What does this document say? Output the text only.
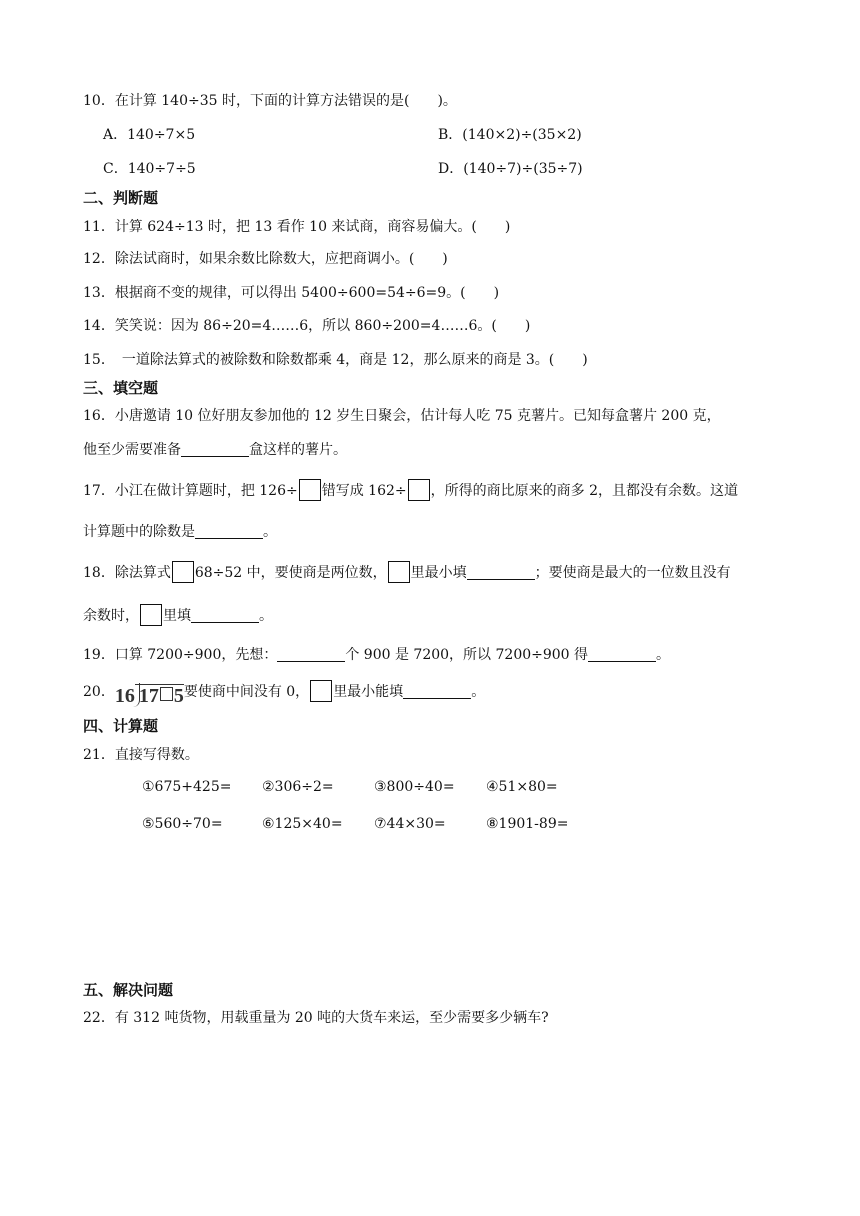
10．在计算 140÷35 时，下面的计算方法错误的是(　　)。
A．140÷7×5	B．(140×2)÷(35×2)
C．140÷7÷5	D．(140÷7)÷(35÷7)
二、判断题
11．计算 624÷13 时，把 13 看作 10 来试商，商容易偏大。(　　)
12．除法试商时，如果余数比除数大，应把商调小。(　　)
13．根据商不变的规律，可以得出 5400÷600=54÷6=9。(　　)
14．笑笑说：因为 86÷20=4……6，所以 860÷200=4……6。(　　)
15．　一道除法算式的被除数和除数都乘 4，商是 12，那么原来的商是 3。(　　)
三、填空题
16．小唐邀请 10 位好朋友参加他的 12 岁生日聚会，估计每人吃 75 克薯片。已知每盒薯片 200 克，
他至少需要准备	盒这样的薯片。
17．小江在做计算题时，把 126÷ 错写成 162÷ ，所得的商比原来的商多 2，且都没有余数。这道
计算题中的除数是	。
18．除法算式 68÷52 中，要使商是两位数， 里最小填	；要使商是最大的一位数且没有
余数时， 里填	。
19．口算 7200÷900，先想：	个 900 是 7200，所以 7200÷900 得	。
20．16 17 5要使商中间没有 0， 里最小能填	。
四、计算题
21．直接写得数。
①675+425= ②306÷2=	③800÷40= ④51×80=
⑤560÷70=	⑥125×40= ⑦44×30=	⑧1901-89=
五、解决问题
22．有 312 吨货物，用载重量为 20 吨的大货车来运，至少需要多少辆车?
